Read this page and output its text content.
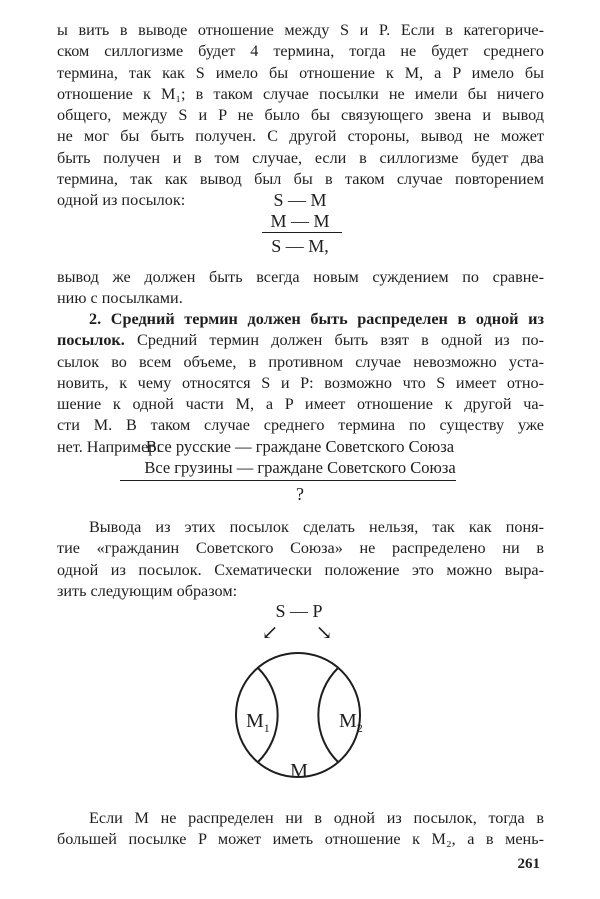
ы вить в выводе отношение между S и P. Если в категориче-
ском силлогизме будет 4 термина, тогда не будет среднего
термина, так как S имело бы отношение к M, а P имело бы
отношение к M₁; в таком случае посылки не имели бы ничего
общего, между S и P не было бы связующего звена и вывод
не мог бы быть получен. С другой стороны, вывод не может
быть получен и в том случае, если в силлогизме будет два
термина, так как вывод был бы в таком случае повторением
одной из посылок:	S — M
M — M
S — M,
вывод же должен быть всегда новым суждением по сравне-
нию с посылками.
2. Средний термин должен быть распределен в одной из
посылок. Средний термин должен быть взят в одной из по-
сылок во всем объеме, в противном случае невозможно уста-
новить, к чему относятся S и P: возможно что S имеет отно-
шение к одной части M, а P имеет отношение к другой ча-
сти M. В таком случае среднего термина по существу уже
нет. Например:
Все русские — граждане Советского Союза
Все грузины — граждане Советского Союза
?
Вывода из этих посылок сделать нельзя, так как поня-
тие «гражданин Советского Союза» не распределено ни в
одной из посылок. Схематически положение это можно выра-
зить следующим образом:
S — P
↙ ↘
$M_1$	$M_2$
M
Если M не распределен ни в одной из посылок, тогда в
большей посылке P может иметь отношение к M₂, а в мень-
261
